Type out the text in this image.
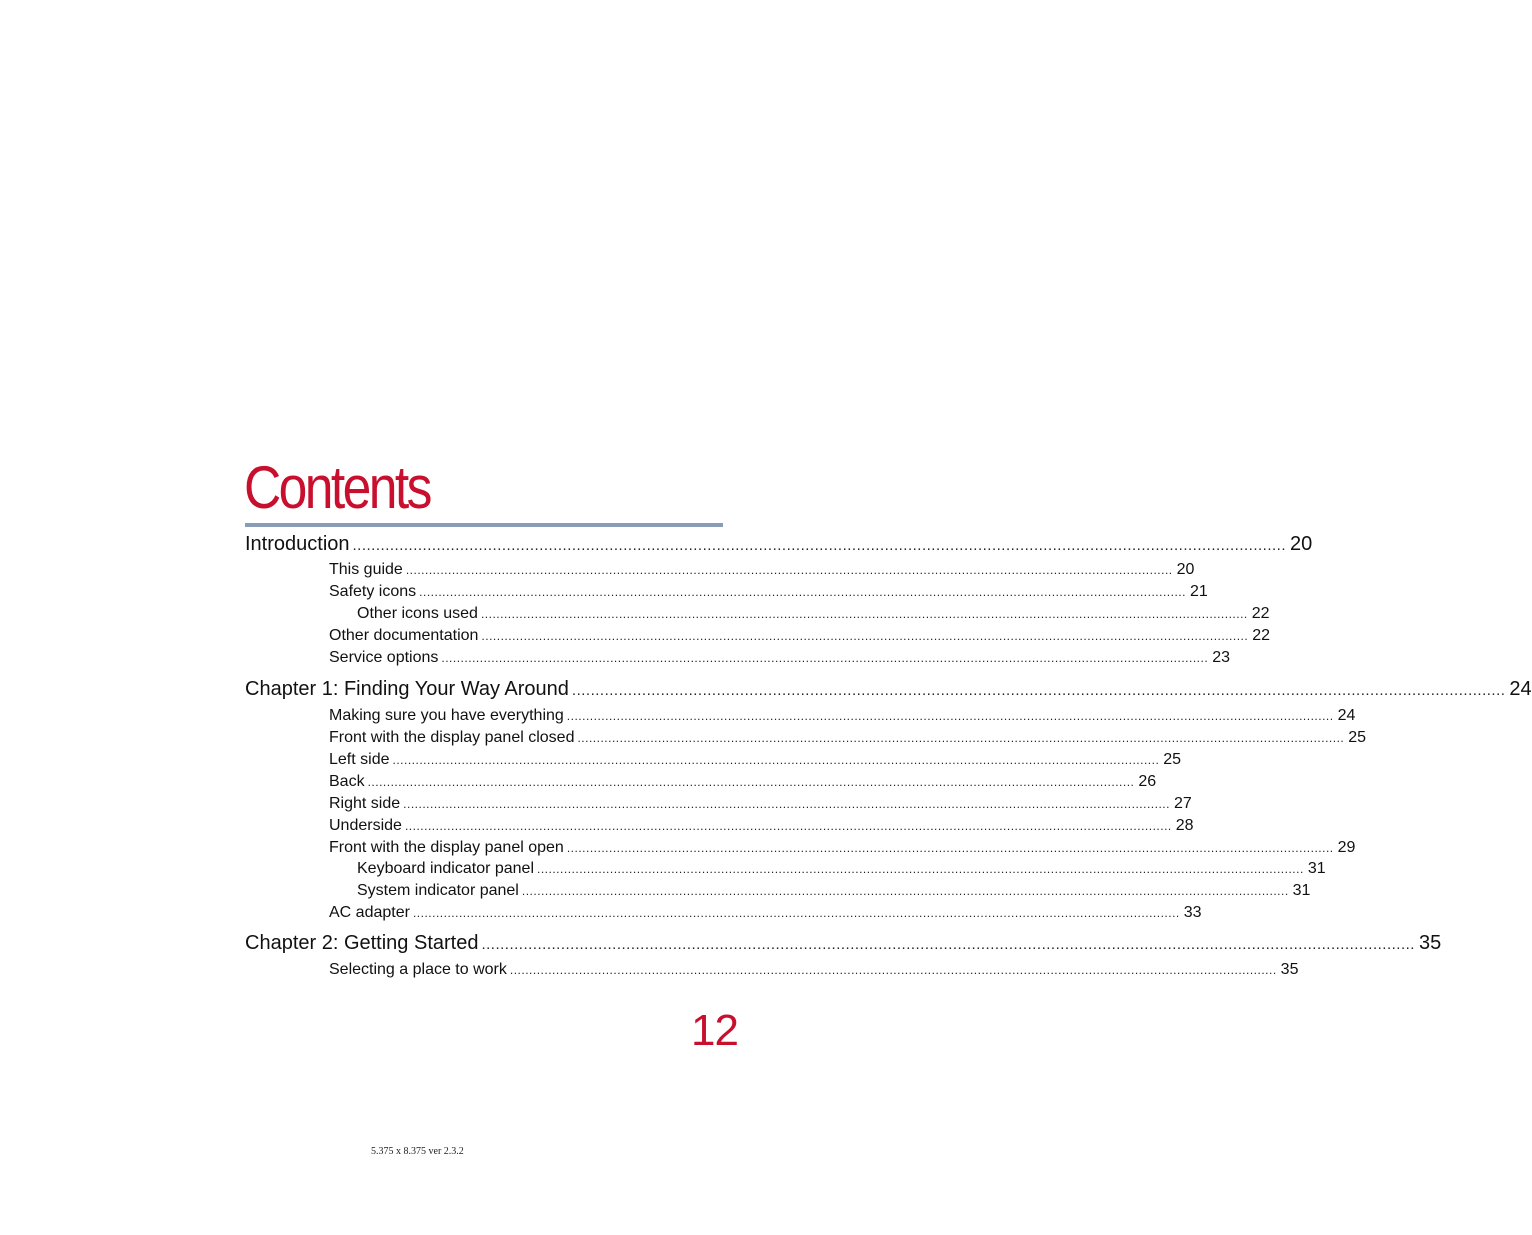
Contents
Introduction ........................................................................................................................................................................................................ 20
This guide ........................................................................................................................................................................................................ 20
Safety icons ........................................................................................................................................................................................................ 21
Other icons used ........................................................................................................................................................................................................ 22
Other documentation ........................................................................................................................................................................................................ 22
Service options ........................................................................................................................................................................................................ 23
Chapter 1: Finding Your Way Around ........................................................................................................................................................................................................ 24
Making sure you have everything ........................................................................................................................................................................................................ 24
Front with the display panel closed ........................................................................................................................................................................................................ 25
Left side ........................................................................................................................................................................................................ 25
Back ........................................................................................................................................................................................................ 26
Right side ........................................................................................................................................................................................................ 27
Underside ........................................................................................................................................................................................................ 28
Front with the display panel open ........................................................................................................................................................................................................ 29
Keyboard indicator panel ........................................................................................................................................................................................................ 31
System indicator panel ........................................................................................................................................................................................................ 31
AC adapter ........................................................................................................................................................................................................ 33
Chapter 2: Getting Started ........................................................................................................................................................................................................ 35
Selecting a place to work ........................................................................................................................................................................................................ 35
12
5.375 x 8.375 ver 2.3.2
